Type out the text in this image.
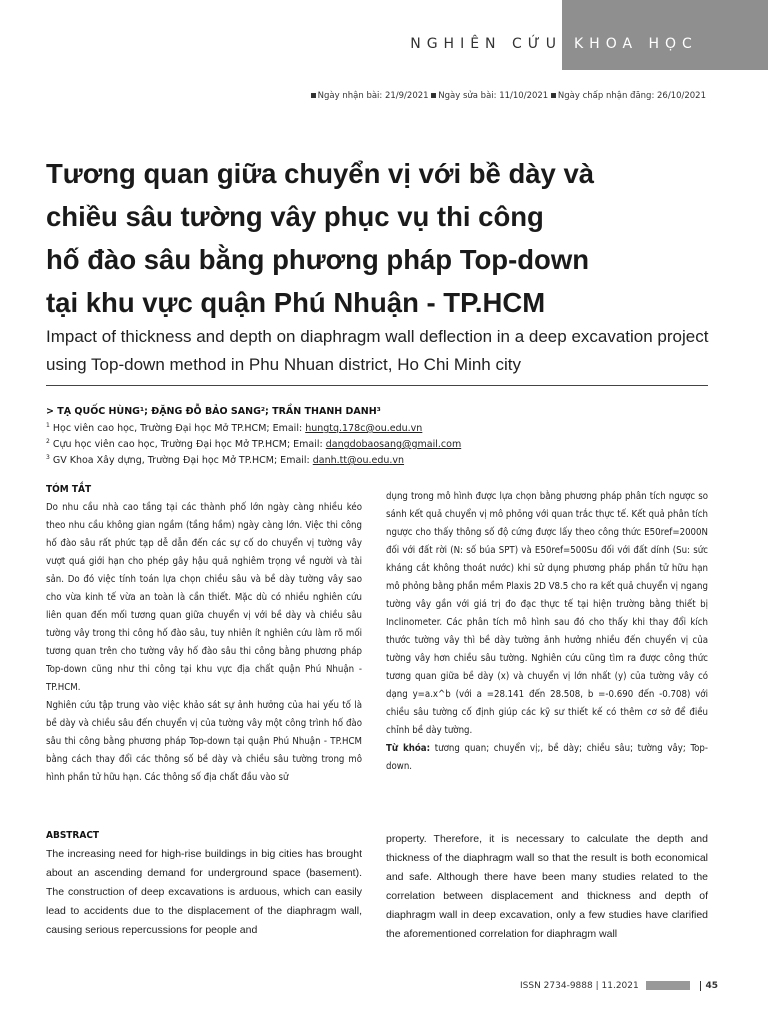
NGHIÊN CỨU KHOA HỌC
Ngày nhận bài: 21/9/2021 Ngày sửa bài: 11/10/2021 Ngày chấp nhận đăng: 26/10/2021
Tương quan giữa chuyển vị với bề dày và
chiều sâu tường vây phục vụ thi công
hố đào sâu bằng phương pháp Top-down
tại khu vực quận Phú Nhuận - TP.HCM
Impact of thickness and depth on diaphragm wall deflection in a deep excavation project
using Top-down method in Phu Nhuan district, Ho Chi Minh city
> TẠ QUỐC HÙNG¹; ĐẶNG ĐỖ BẢO SANG²; TRẦN THANH DANH³
$^1$ Học viên cao học, Trường Đại học Mở TP.HCM; Email: hungtq.178c@ou.edu.vn
$^2$ Cựu học viên cao học, Trường Đại học Mở TP.HCM; Email: dangdobaosang@gmail.com
$^3$ GV Khoa Xây dựng, Trường Đại học Mở TP.HCM; Email: danh.tt@ou.edu.vn
TÓM TẮT

Do nhu cầu nhà cao tầng tại các thành phố lớn ngày càng nhiều kéo theo nhu cầu không gian ngầm (tầng hầm) ngày càng lớn. Việc thi công hố đào sâu rất phức tạp dễ dẫn đến các sự cố do chuyển vị tường vây vượt quá giới hạn cho phép gây hậu quả nghiêm trọng về người và tài sản. Do đó việc tính toán lựa chọn chiều sâu và bề dày tường vây sao cho vừa kinh tế vừa an toàn là cần thiết. Mặc dù có nhiều nghiên cứu liên quan đến mối tương quan giữa chuyển vị với bề dày và chiều sâu tường vây trong thi công hố đào sâu, tuy nhiên ít nghiên cứu làm rõ mối tương quan trên cho tường vây hố đào sâu thi công bằng phương pháp Top-down cũng như thi công tại khu vực địa chất quận Phú Nhuận - TP.HCM.

Nghiên cứu tập trung vào việc khảo sát sự ảnh hưởng của hai yếu tố là bề dày và chiều sâu đến chuyển vị của tường vây một công trình hố đào sâu thi công bằng phương pháp Top-down tại quận Phú Nhuận - TP.HCM bằng cách thay đổi các thông số bề dày và chiều sâu tường trong mô hình phần tử hữu hạn. Các thông số địa chất đầu vào sử

dụng trong mô hình được lựa chọn bằng phương pháp phân tích ngược so sánh kết quả chuyển vị mô phỏng với quan trắc thực tế. Kết quả phân tích ngược cho thấy thông số độ cứng được lấy theo công thức E50ref=2000N đối với đất rời (N: số búa SPT) và E50ref=500Su đối với đất dính (Su: sức kháng cắt không thoát nước) khi sử dụng phương pháp phần tử hữu hạn mô phỏng bằng phần mềm Plaxis 2D V8.5 cho ra kết quả chuyển vị ngang tường vây gần với giá trị đo đạc thực tế tại hiện trường bằng thiết bị Inclinometer. Các phân tích mô hình sau đó cho thấy khi thay đổi kích thước tường vây thì bề dày tường ảnh hưởng nhiều đến chuyển vị của tường vây hơn chiều sâu tường. Nghiên cứu cũng tìm ra được công thức tương quan giữa bề dày (x) và chuyển vị lớn nhất (y) của tường vây có dạng y=a.x^b (với a =28.141 đến 28.508, b =-0.690 đến -0.708) với chiều sâu tường cố định giúp các kỹ sư thiết kế có thêm cơ sở để điều chỉnh bề dày tường.

Từ khóa: tương quan; chuyển vị;, bề dày; chiều sâu; tường vây; Top-down.

ABSTRACT

The increasing need for high-rise buildings in big cities has brought about an ascending demand for underground space (basement). The construction of deep excavations is arduous, which can easily lead to accidents due to the displacement of the diaphragm wall, causing serious repercussions for people and

property. Therefore, it is necessary to calculate the depth and thickness of the diaphragm wall so that the result is both economical and safe. Although there have been many studies related to the correlation between displacement and thickness and depth of diaphragm wall in deep excavation, only a few studies have clarified the aforementioned correlation for diaphragm wall

ISSN 2734-9888 | 11.2021	45
